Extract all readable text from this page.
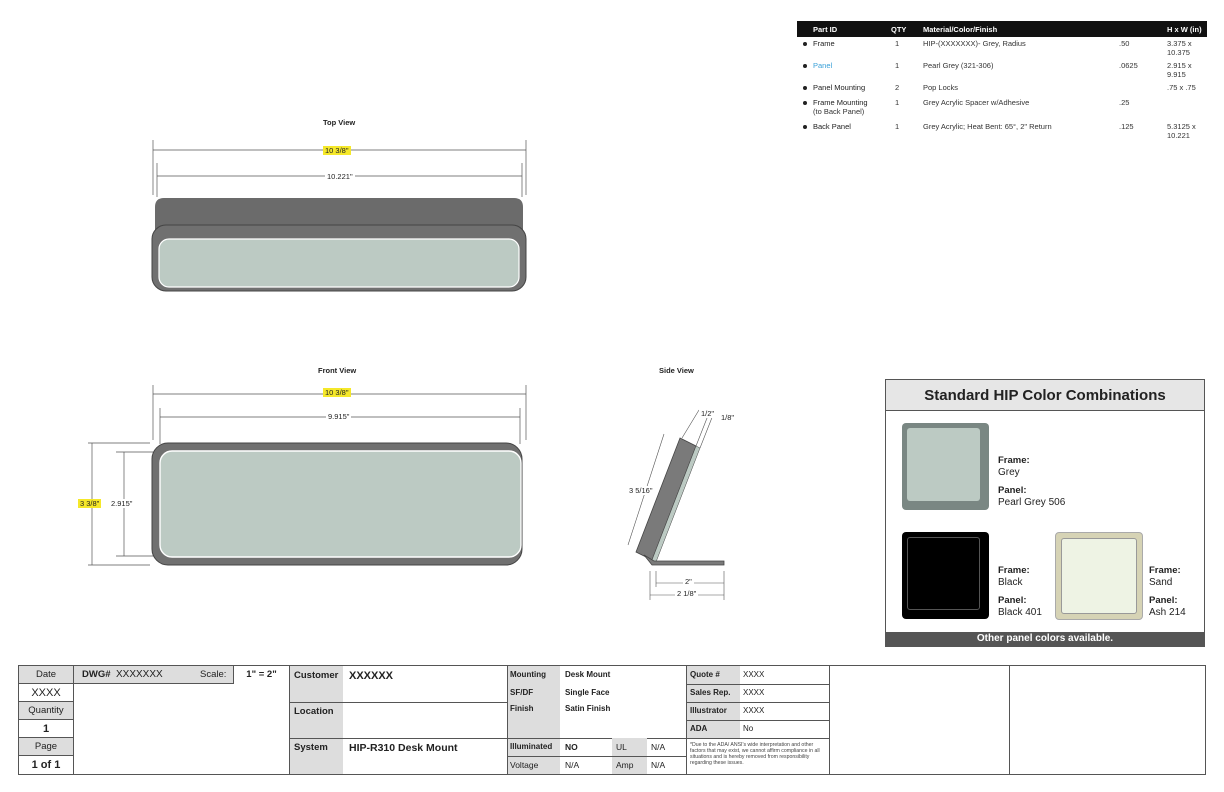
Part ID	QTY	Material/Color/Finish		H x W (in)
Frame	1	HIP-(XXXXXXX)- Grey, Radius	.50	3.375 x 10.375
Panel	1	Pearl Grey (321-306)	.0625	2.915 x 9.915
Panel Mounting	2	Pop Locks		.75 x .75
Frame Mounting
(to Back Panel)	1	Grey Acrylic Spacer w/Adhesive	.25	
Back Panel	1	Grey Acrylic; Heat Bent: 65°, 2" Return	.125	5.3125 x 10.221
Top View
10 3/8"
10.221"
Front View
10 3/8"
9.915"
3 3/8" 2.915"
Side View
1/2" 1/8"
3 5/16"
2"
2 1/8"
Standard HIP Color Combinations
Frame:
Grey
Panel:
Pearl Grey 506
Frame:
Black
Panel:
Black 401
Frame:
Sand
Panel:
Ash 214
Other panel colors available.
Date
XXXX
Quantity
1
Page
1 of 1
DWG# XXXXXXX	Scale:	1" = 2"	Customer XXXXXX
Location
System HIP-R310 Desk Mount
Mounting Desk Mount
SF/DF	Single Face
Finish	Satin Finish
Illuminated NO	UL	N/A
Voltage	N/A	Amp N/A
Quote #	XXXX
Sales Rep. XXXX
Illustrator XXXX
ADA	No
*Due to the ADA/ ANSI's wide interpretation and other factors that may exist, we cannot affirm compliance in all situations and is hereby removed from responsibility regarding these issues.
